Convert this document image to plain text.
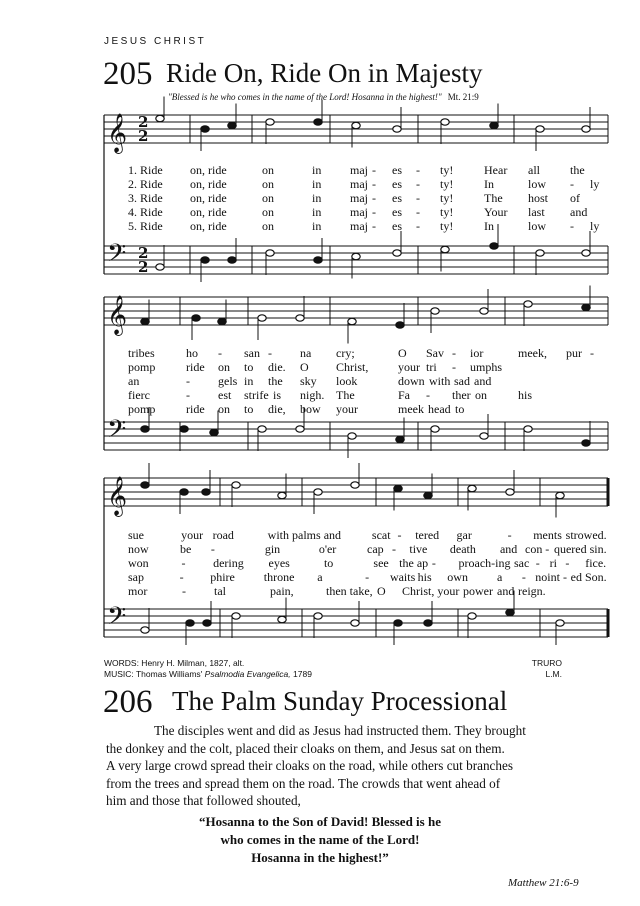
JESUS CHRIST
205 Ride On, Ride On in Majesty
"Blessed is he who comes in the name of the Lord! Hosanna in the highest!" Mt. 21:9
𝄞
𝄢
𝄞
𝄢
𝄞
𝄢
2
2
2
2
1. Ride on, ride	on	in maj - es - ty!	Hear all	the
2. Ride on, ride	on	in maj - es - ty!	In	low - ly
3. Ride on, ride	on	in maj - es - ty!	The host of
4. Ride on, ride	on	in maj - es - ty!	Your last and
5. Ride on, ride	on	in maj - es - ty!	In	low - ly
tribes	ho - san - na cry;	O Sav - ior	meek, pur -
pomp	ride on to die. O Christ, your tri - umphs
an	- gels in the sky look	down with sad and
fierc	- est strife is nigh. The	Fa - ther on	his
pomp	ride on to die, bow your	meek head to
sue	your road	with palms and	scat - tered gar	- ments strowed.
now	be -	gin	o'er	cap - tive death and con - quered sin.
won	- dering eyes	to	see the ap - proach-ing sac - ri - fice.
sap	- phire throne a	- waits his own a - noint - ed Son.
mor	- tal	pain,	then take, O Christ, your power and reign.
WORDS: Henry H. Milman, 1827, alt.
MUSIC: Thomas Williams' Psalmodia Evangelica, 1789
TRURO
L.M.
206 The Palm Sunday Processional
The disciples went and did as Jesus had instructed them. They brought
the donkey and the colt, placed their cloaks on them, and Jesus sat on them.
A very large crowd spread their cloaks on the road, while others cut branches
from the trees and spread them on the road. The crowds that went ahead of
him and those that followed shouted,
“Hosanna to the Son of David! Blessed is he
who comes in the name of the Lord!
Hosanna in the highest!”
Matthew 21:6-9
